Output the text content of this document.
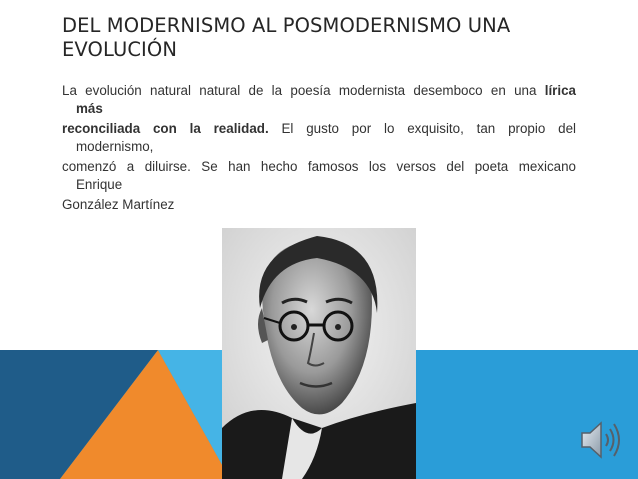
DEL MODERNISMO AL POSMODERNISMO UNA EVOLUCIÓN

La evolución natural natural de la poesía modernista desemboco en una lírica

más

reconciliada con la realidad. El gusto por lo exquisito, tan propio del

modernismo,

comenzó a diluirse. Se han hecho famosos los versos del poeta mexicano

Enrique

González Martínez
